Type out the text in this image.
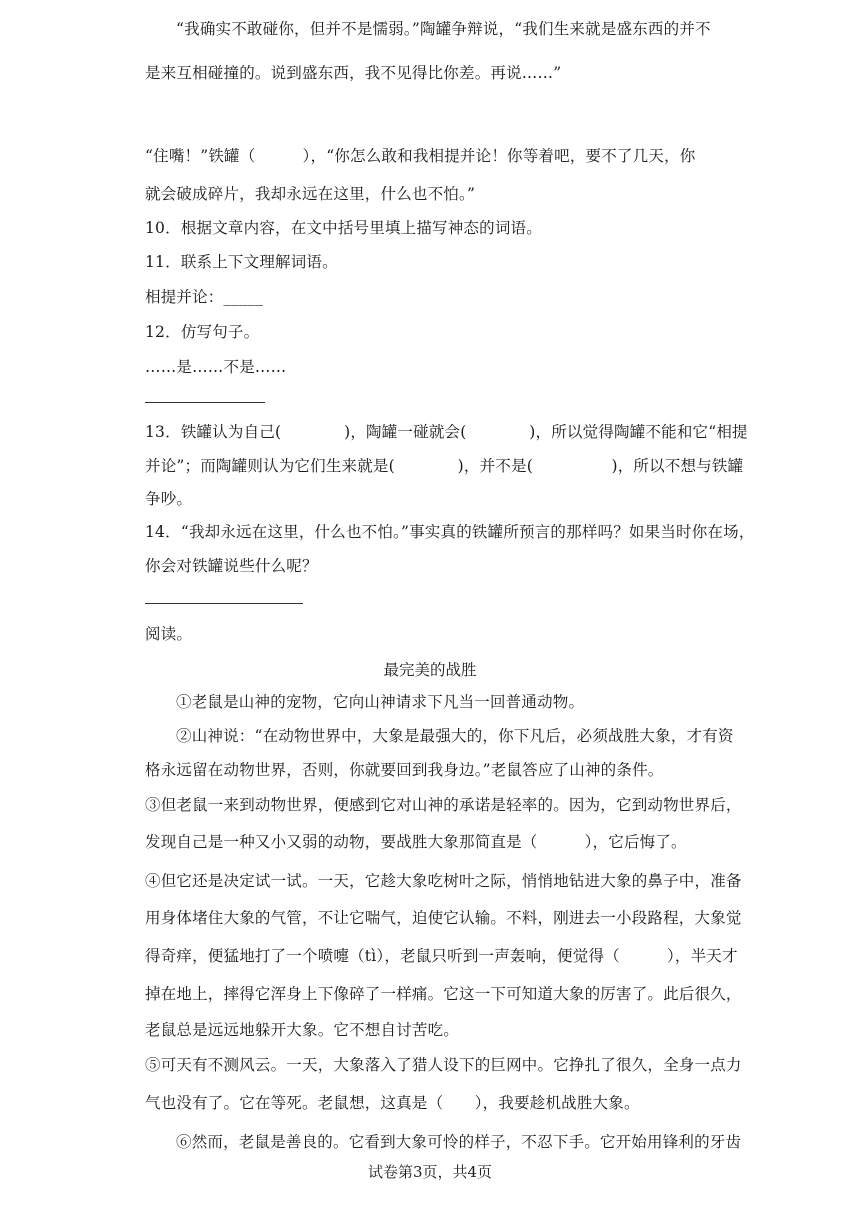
“我确实不敢碰你，但并不是懦弱。”陶罐争辩说，“我们生来就是盛东西的并不
是来互相碰撞的。说到盛东西，我不见得比你差。再说……”
“住嘴！”铁罐（　　　），“你怎么敢和我相提并论！你等着吧，要不了几天，你
就会破成碎片，我却永远在这里，什么也不怕。”
10．根据文章内容，在文中括号里填上描写神态的词语。
11．联系上下文理解词语。
相提并论：_____
12．仿写句子。
……是……不是……
13．铁罐认为自己(　　　　)，陶罐一碰就会(　　　　)，所以觉得陶罐不能和它“相提
并论”；而陶罐则认为它们生来就是(　　　　)，并不是(　　　　　)，所以不想与铁罐
争吵。
14．“我却永远在这里，什么也不怕。”事实真的铁罐所预言的那样吗？如果当时你在场，
你会对铁罐说些什么呢？
阅读。
最完美的战胜
①老鼠是山神的宠物，它向山神请求下凡当一回普通动物。
②山神说：“在动物世界中，大象是最强大的，你下凡后，必须战胜大象，才有资
格永远留在动物世界，否则，你就要回到我身边。”老鼠答应了山神的条件。
③但老鼠一来到动物世界，便感到它对山神的承诺是轻率的。因为，它到动物世界后，
发现自己是一种又小又弱的动物，要战胜大象那简直是（　　　），它后悔了。
④但它还是决定试一试。一天，它趁大象吃树叶之际，悄悄地钻进大象的鼻子中，准备
用身体堵住大象的气管，不让它喘气，迫使它认输。不料，刚进去一小段路程，大象觉
得奇痒，便猛地打了一个喷嚏（tì），老鼠只听到一声轰响，便觉得（　　　），半天才
掉在地上，摔得它浑身上下像碎了一样痛。它这一下可知道大象的厉害了。此后很久，
老鼠总是远远地躲开大象。它不想自讨苦吃。
⑤可天有不测风云。一天，大象落入了猎人设下的巨网中。它挣扎了很久，全身一点力
气也没有了。它在等死。老鼠想，这真是（　　），我要趁机战胜大象。
⑥然而，老鼠是善良的。它看到大象可怜的样子，不忍下手。它开始用锋利的牙齿
试卷第3页，共4页
